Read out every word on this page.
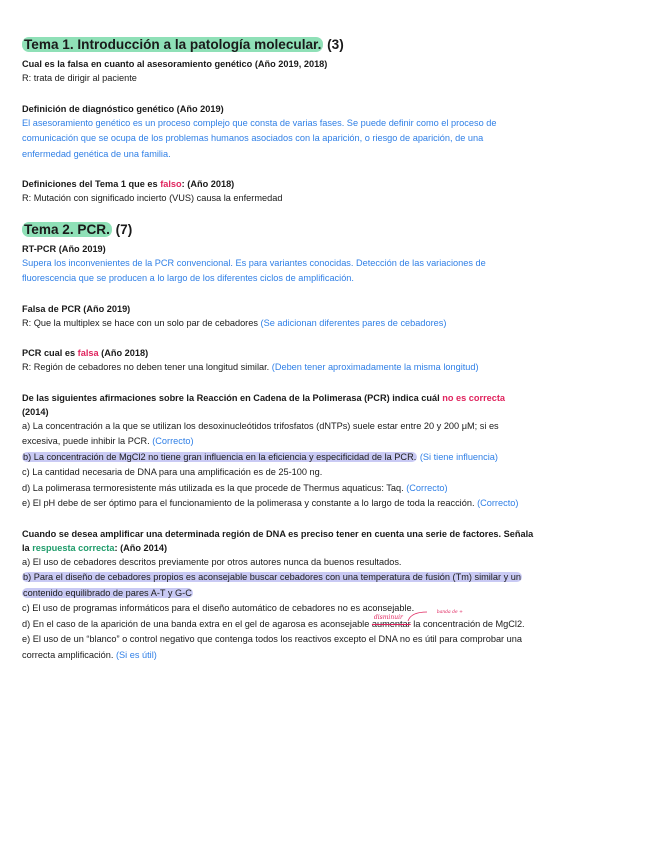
Tema 1. Introducción a la patología molecular. (3)

Cual es la falsa en cuanto al asesoramiento genético (Año 2019, 2018)

R: trata de dirigir al paciente

Definición de diagnóstico genético (Año 2019)

El asesoramiento genético es un proceso complejo que consta de varias fases. Se puede definir como el proceso de

comunicación que se ocupa de los problemas humanos asociados con la aparición, o riesgo de aparición, de una

enfermedad genética de una familia.

Definiciones del Tema 1 que es falso: (Año 2018)

R: Mutación con significado incierto (VUS) causa la enfermedad

Tema 2. PCR. (7)

RT-PCR (Año 2019)

Supera los inconvenientes de la PCR convencional. Es para variantes conocidas. Detección de las variaciones de

fluorescencia que se producen a lo largo de los diferentes ciclos de amplificación.

Falsa de PCR (Año 2019)

R: Que la multiplex se hace con un solo par de cebadores (Se adicionan diferentes pares de cebadores)

PCR cual es falsa (Año 2018)

R: Región de cebadores no deben tener una longitud similar. (Deben tener aproximadamente la misma longitud)

De las siguientes afirmaciones sobre la Reacción en Cadena de la Polimerasa (PCR) indica cuál no es correcta

(2014)

a) La concentración a la que se utilizan los desoxinucleótidos trifosfatos (dNTPs) suele estar entre 20 y 200 μM; si es

excesiva, puede inhibir la PCR. (Correcto)

b) La concentración de MgCl2 no tiene gran influencia en la eficiencia y especificidad de la PCR. (Si tiene influencia)

c) La cantidad necesaria de DNA para una amplificación es de 25-100 ng.

d) La polimerasa termoresistente más utilizada es la que procede de Thermus aquaticus: Taq. (Correcto)

e) El pH debe de ser óptimo para el funcionamiento de la polimerasa y constante a lo largo de toda la reacción. (Correcto)

Cuando se desea amplificar una determinada región de DNA es preciso tener en cuenta una serie de factores. Señala

la respuesta correcta: (Año 2014)

a) El uso de cebadores descritos previamente por otros autores nunca da buenos resultados.

b) Para el diseño de cebadores propios es aconsejable buscar cebadores con una temperatura de fusión (Tm) similar y un

contenido equilibrado de pares A-T y G-C

c) El uso de programas informáticos para el diseño automático de cebadores no es aconsejable.

d) En el caso de la aparición de una banda extra en el gel de agarosa es aconsejable aumentar
disminuir
la concentración de MgCl2.
banda de +

e) El uso de un “blanco” o control negativo que contenga todos los reactivos excepto el DNA no es útil para comprobar una

correcta amplificación. (Si es útil)
